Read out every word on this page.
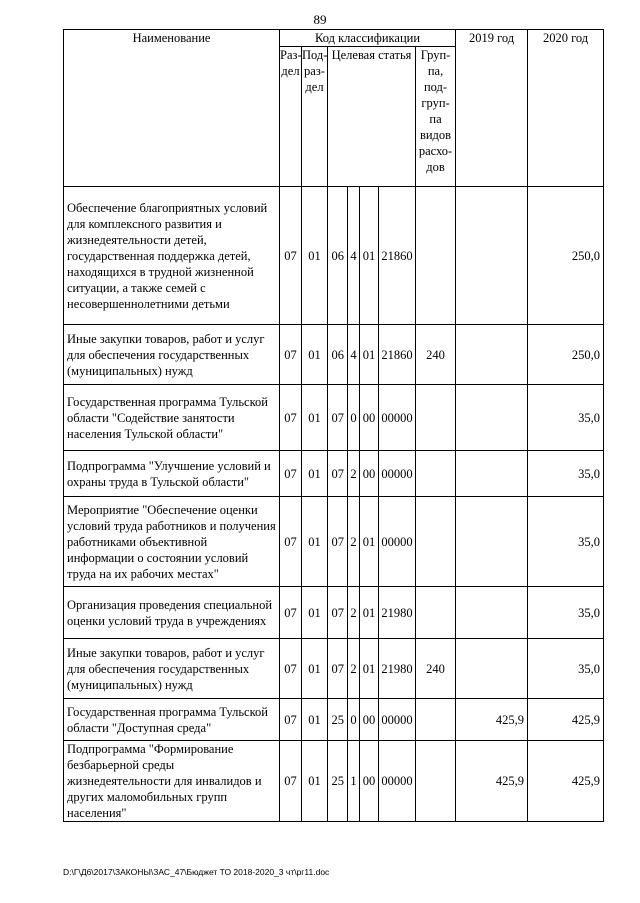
89
Наименование	Код классификации							2019 год	2020 год
	Раз-дел	Под-раз-дел	Целевая статья				Груп-па, под-груп-па видов расхо-дов		
Обеспечение благоприятных условий для комплексного развития и жизнедеятельности детей, государственная поддержка детей, находящихся в трудной жизненной ситуации, а также семей с несовершеннолетними детьми	07	01	06	4	01	21860			250,0
Иные закупки товаров, работ и услуг для обеспечения государственных (муниципальных) нужд	07	01	06	4	01	21860	240		250,0
Государственная программа Тульской области "Содействие занятости населения Тульской области"	07	01	07	0	00	00000			35,0
Подпрограмма "Улучшение условий и охраны труда в Тульской области"	07	01	07	2	00	00000			35,0
Мероприятие "Обеспечение оценки условий труда работников и получения работниками объективной информации о состоянии условий труда на их рабочих местах"	07	01	07	2	01	00000			35,0
Организация проведения специальной оценки условий труда в учреждениях	07	01	07	2	01	21980			35,0
Иные закупки товаров, работ и услуг для обеспечения государственных (муниципальных) нужд	07	01	07	2	01	21980	240		35,0
Государственная программа Тульской области "Доступная среда"	07	01	25	0	00	00000		425,9	425,9
Подпрограмма "Формирование безбарьерной среды жизнедеятельности для инвалидов и других маломобильных групп населения"	07	01	25	1	00	00000		425,9	425,9
D:\Г\Д6\2017\ЗАКОНЫ\ЗАС_47\Бюджет ТО 2018-2020_3 чт\рг11.doc
